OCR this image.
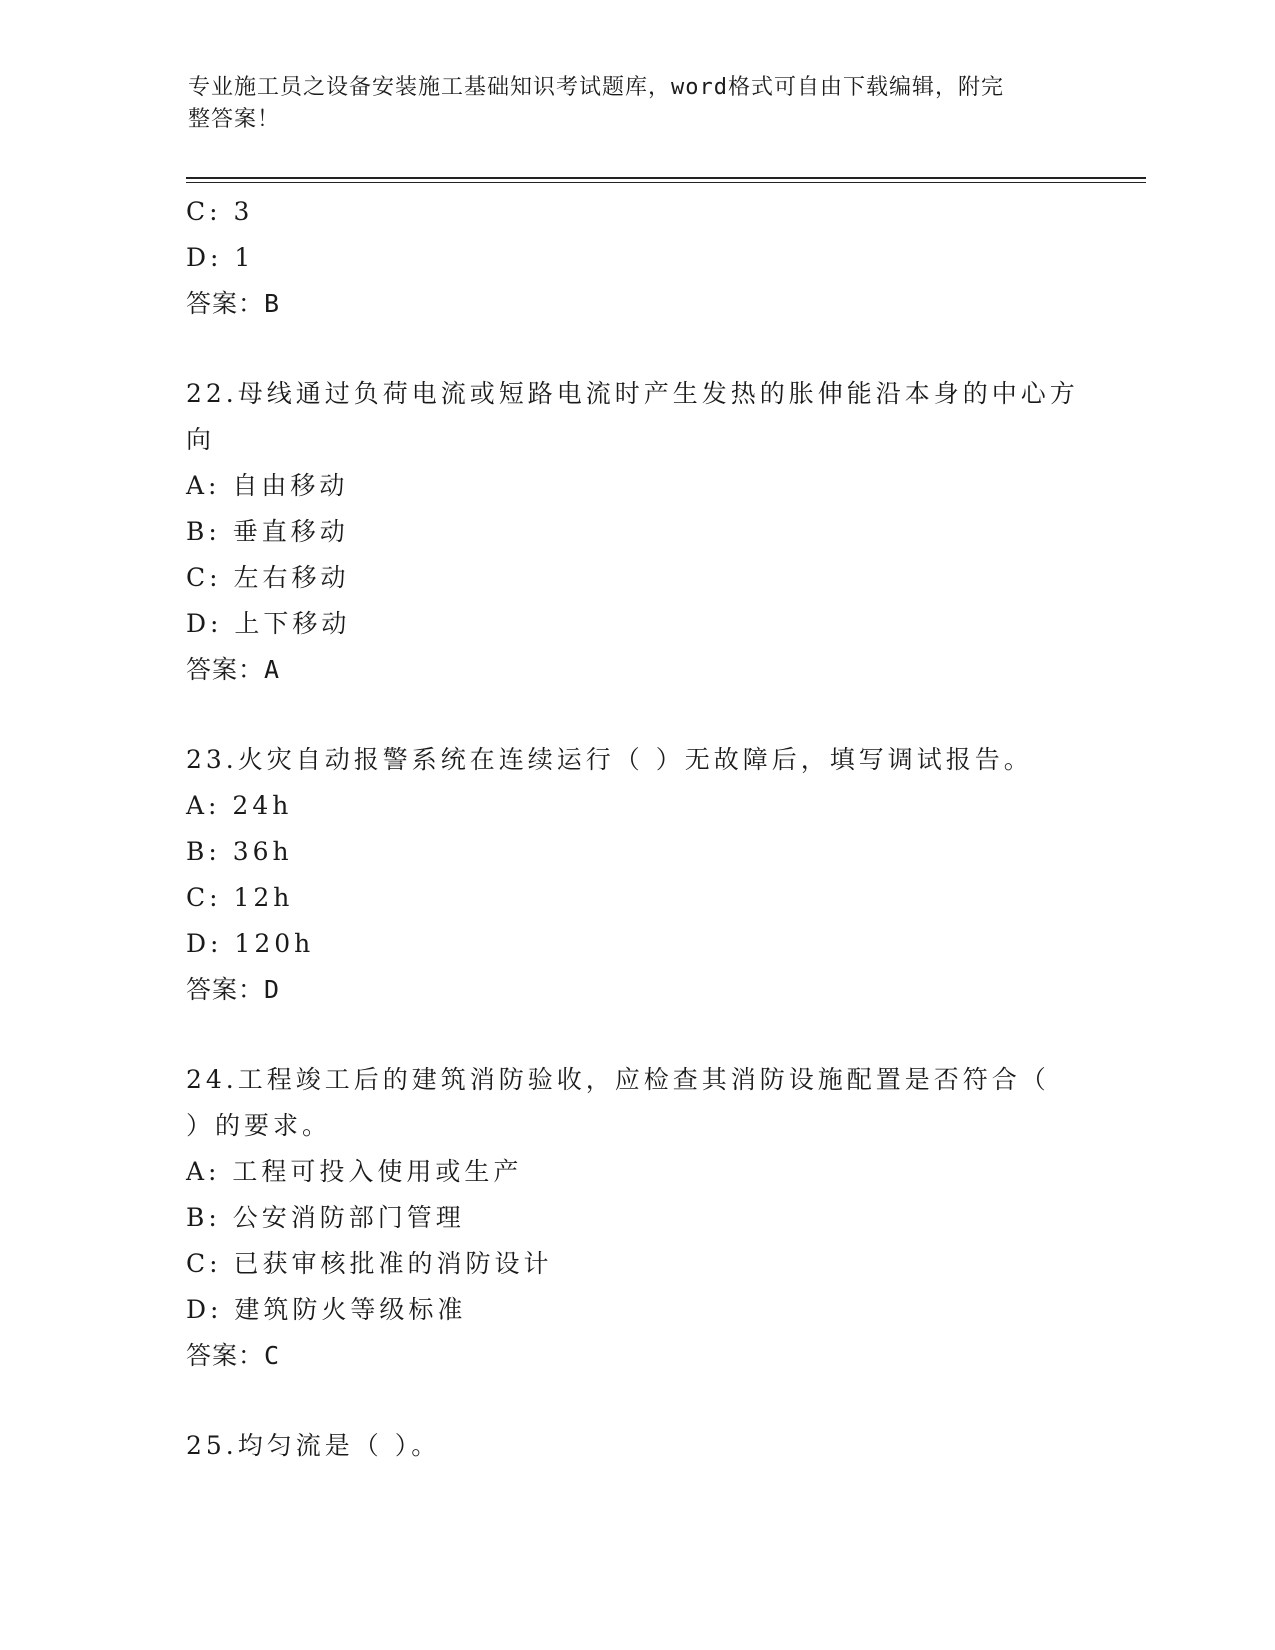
专业施工员之设备安装施工基础知识考试题库，word格式可自由下载编辑，附完
整答案！
C: 3
D: 1
答案：B
22.母线通过负荷电流或短路电流时产生发热的胀伸能沿本身的中心方
向
A: 自由移动
B: 垂直移动
C: 左右移动
D: 上下移动
答案：A
23.火灾自动报警系统在连续运行（ ）无故障后，填写调试报告。
A: 24h
B: 36h
C: 12h
D: 120h
答案：D
24.工程竣工后的建筑消防验收，应检查其消防设施配置是否符合（
）的要求。
A: 工程可投入使用或生产
B: 公安消防部门管理
C: 已获审核批准的消防设计
D: 建筑防火等级标准
答案：C
25.均匀流是（ ）。
